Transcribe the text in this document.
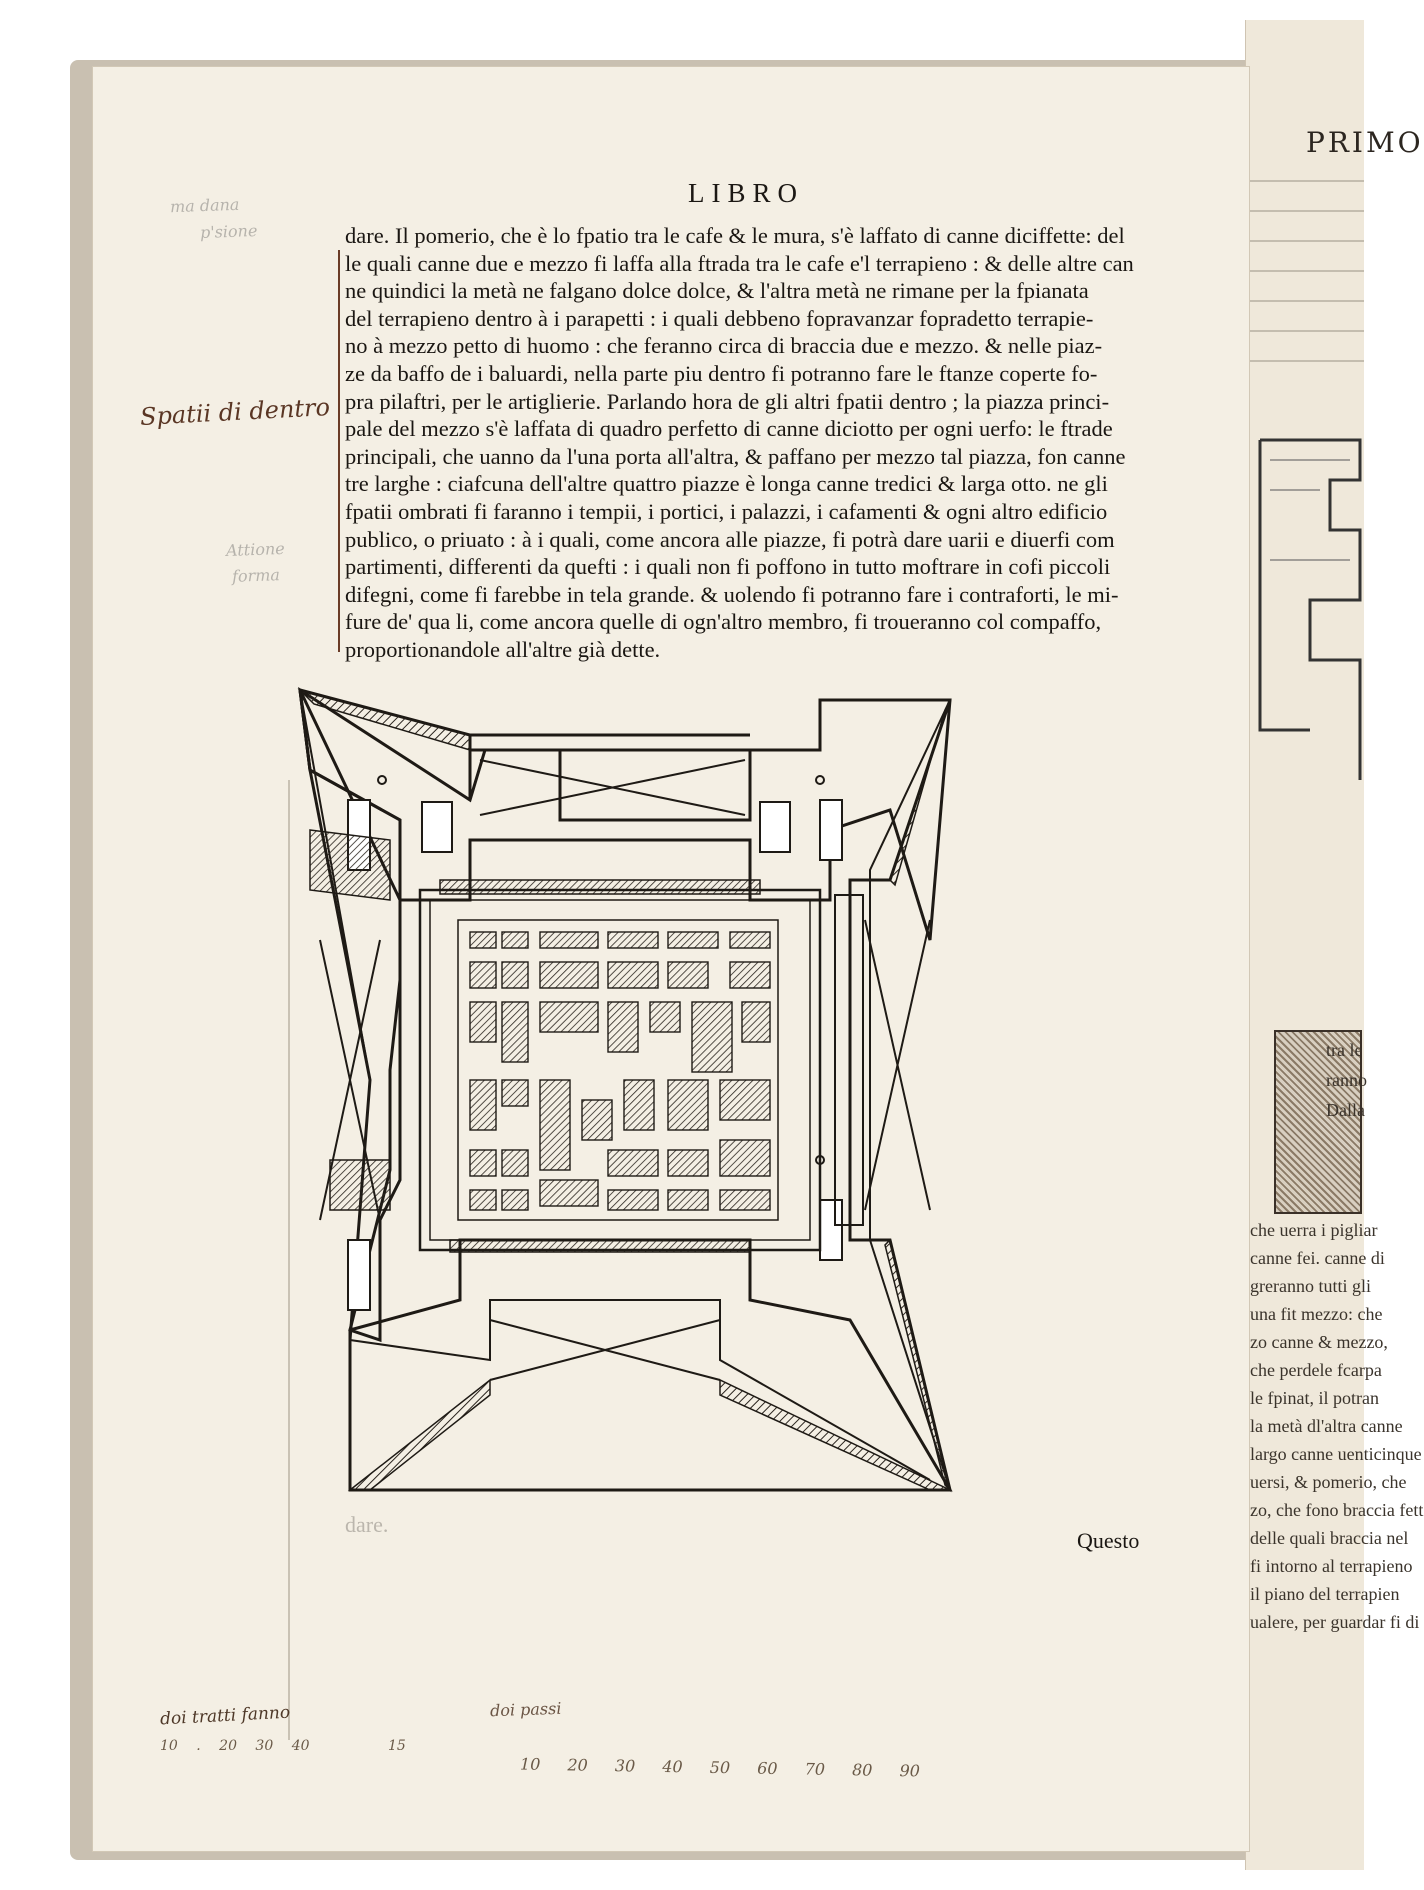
PRIMO
tra le
ranno
Dalla
che uerra i pigliar
canne fei. canne di
greranno tutti gli
una fit mezzo: che
zo canne & mezzo,
che perdele fcarpa
le fpinat, il potran
la metà dl'altra canne
largo canne uenticinque
uersi, & pomerio, che
zo, che fono braccia fett
delle quali braccia nel
fi intorno al terrapieno
il piano del terrapien
ualere, per guardar fi di
LIBRO
Spatii di dentro
ma dana
p'sione
Attione
forma
dare. Il pomerio, che è lo fpatio tra le cafe & le mura, s'è laffato di canne diciffette: del
le quali canne due e mezzo fi laffa alla ftrada tra le cafe e'l terrapieno : & delle altre can
ne quindici la metà ne falgano dolce dolce, & l'altra metà ne rimane per la fpianata
del terrapieno dentro à i parapetti : i quali debbeno fopravanzar fopradetto terrapie-
no à mezzo petto di huomo : che feranno circa di braccia due e mezzo. & nelle piaz-
ze da baffo de i baluardi, nella parte piu dentro fi potranno fare le ftanze coperte fo-
pra pilaftri, per le artiglierie. Parlando hora de gli altri fpatii dentro ; la piazza princi-
pale del mezzo s'è laffata di quadro perfetto di canne diciotto per ogni uerfo: le ftrade
principali, che uanno da l'una porta all'altra, & paffano per mezzo tal piazza, fon canne
tre larghe : ciafcuna dell'altre quattro piazze è longa canne tredici & larga otto. ne gli
fpatii ombrati fi faranno i tempii, i portici, i palazzi, i cafamenti & ogni altro edificio
publico, o priuato : à i quali, come ancora alle piazze, fi potrà dare uarii e diuerfi com
partimenti, differenti da quefti : i quali non fi poffono in tutto moftrare in cofi piccoli
difegni, come fi farebbe in tela grande. & uolendo fi potranno fare i contraforti, le mi-
fure de' qua li, come ancora quelle di ogn'altro membro, fi troueranno col compaffo,
proportionandole all'altre già dette.
dare.
Questo
doi tratti fanno	doi passi
10 . 20 30 40	15
10 20 30 40 50 60 70 80 90
